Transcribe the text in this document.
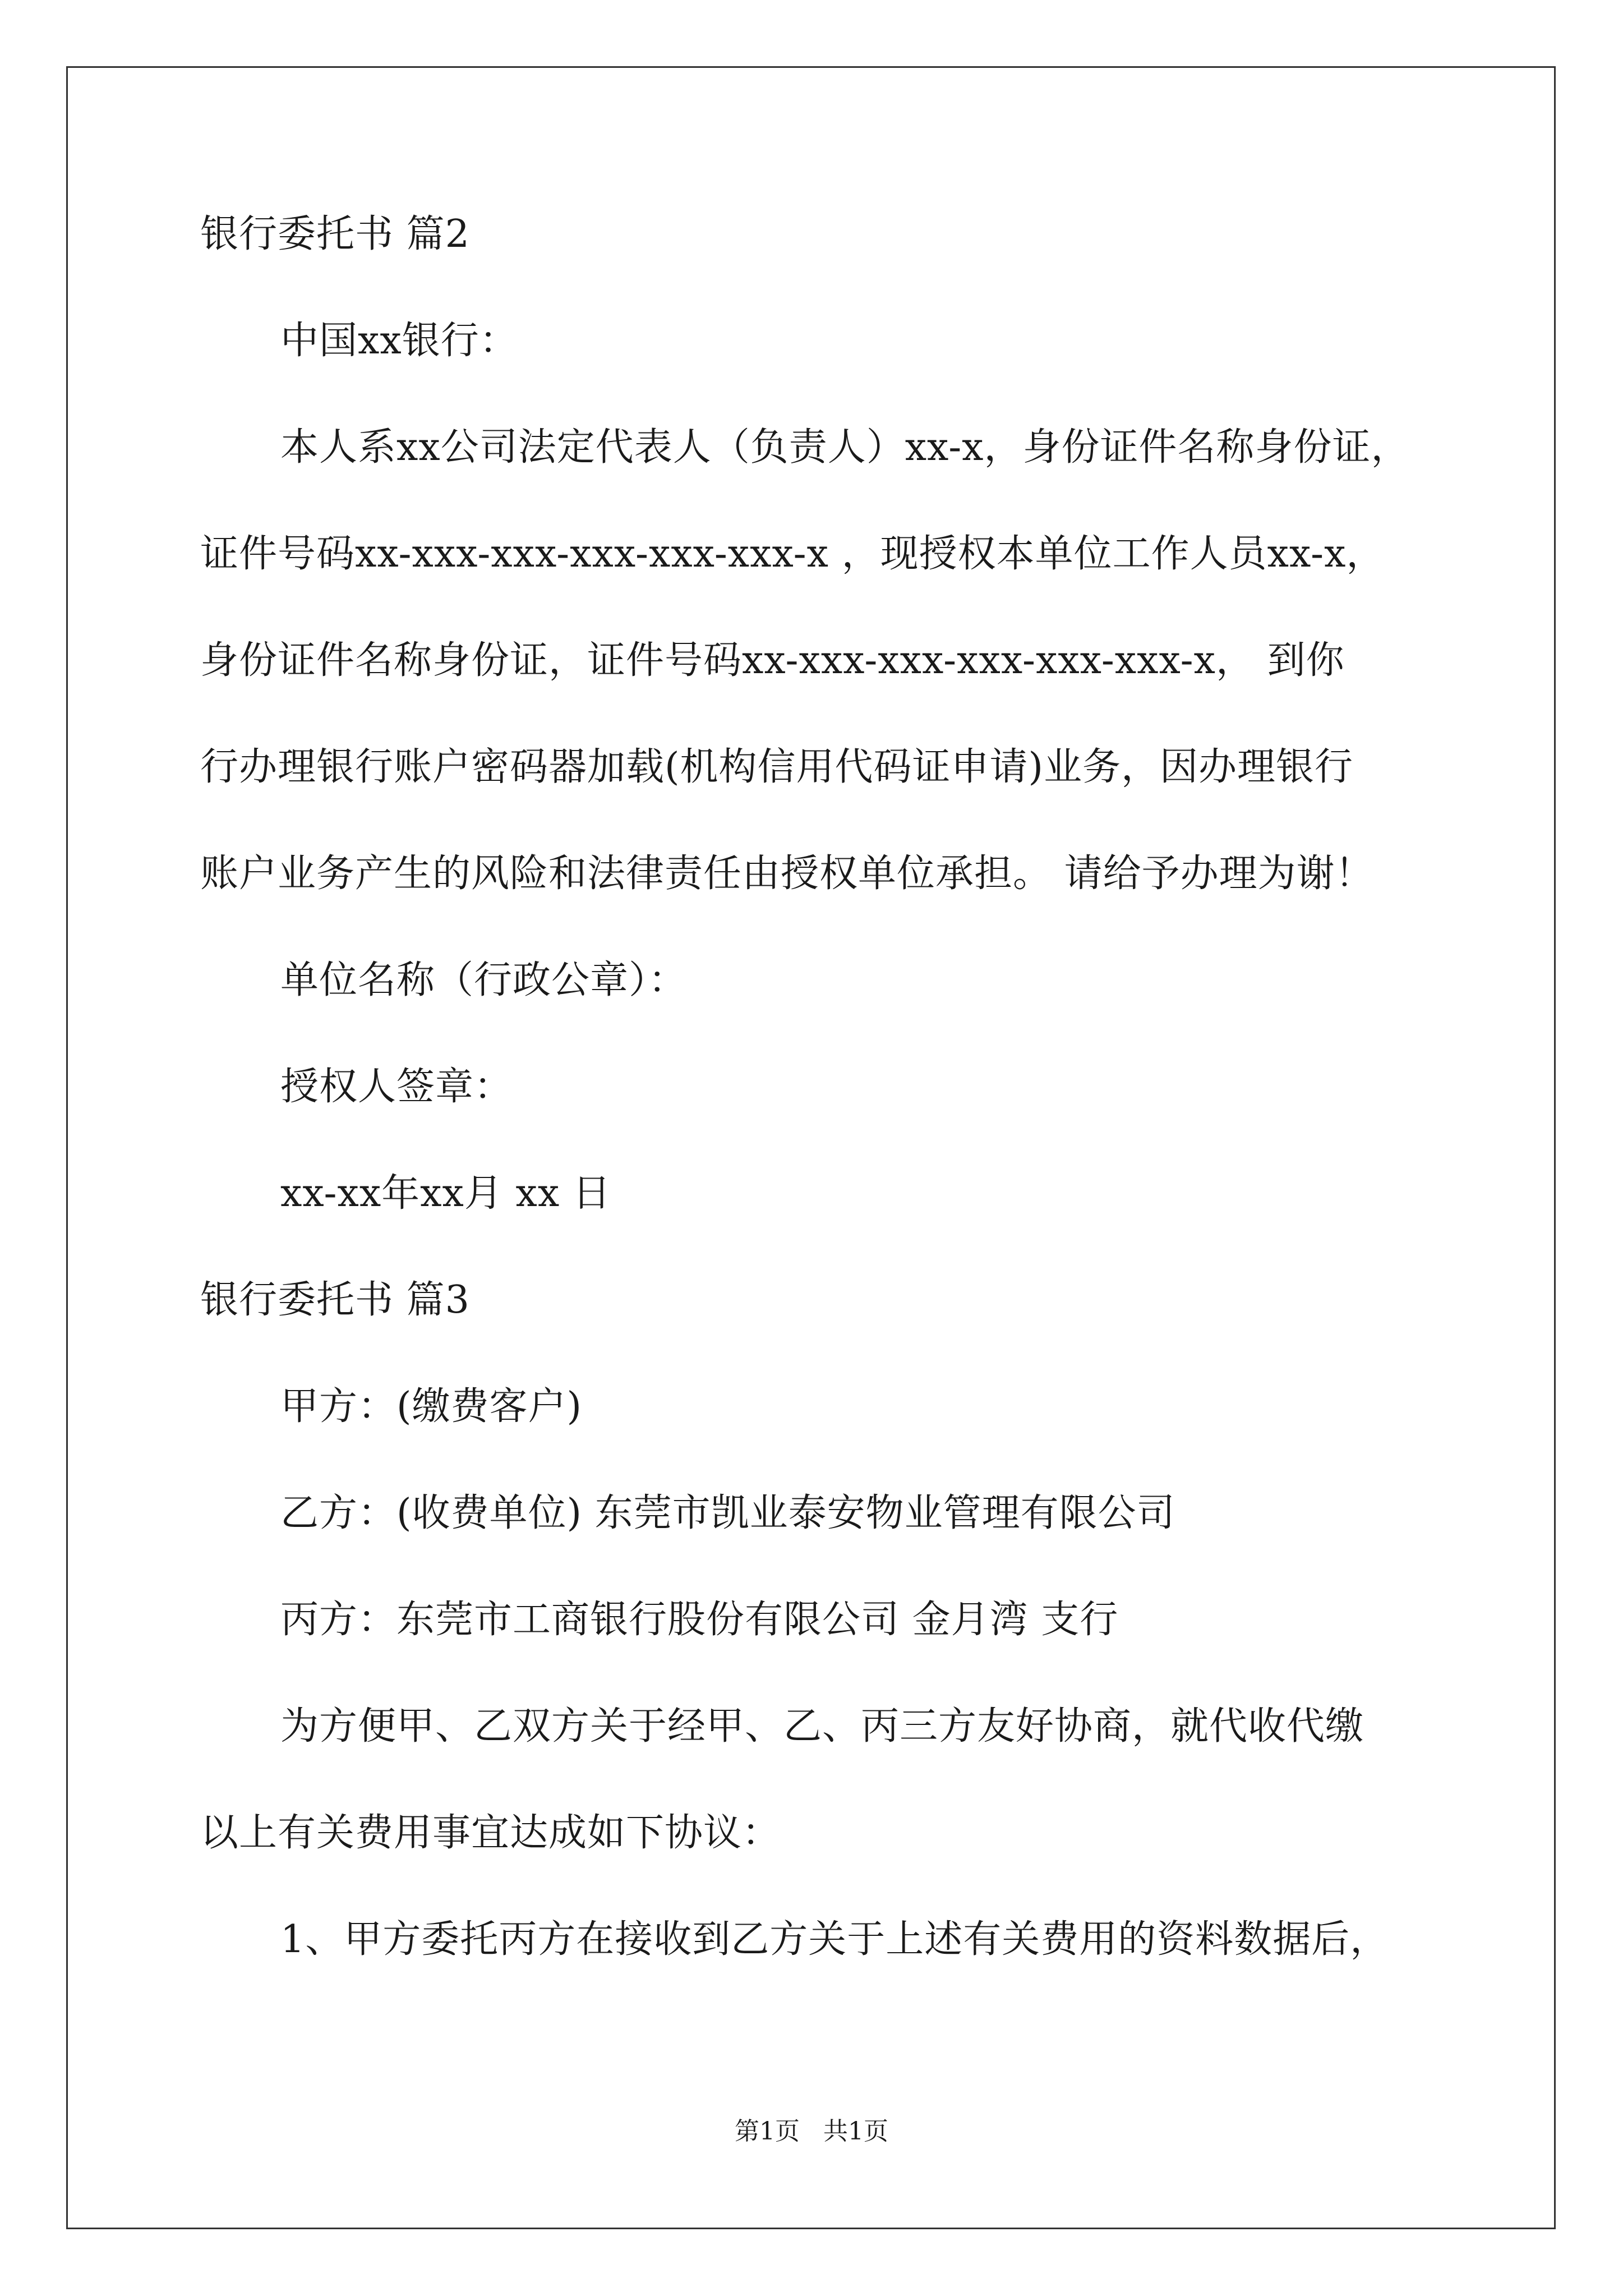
银行委托书 篇2
中国xx银行：
本人系xx公司法定代表人（负责人）xx-x，身份证件名称身份证，
证件号码xx-xxx-xxx-xxx-xxx-xxx-x ，现授权本单位工作人员xx-x，
身份证件名称身份证，证件号码xx-xxx-xxx-xxx-xxx-xxx-x， 到你
行办理银行账户密码器加载(机构信用代码证申请)业务，因办理银行
账户业务产生的风险和法律责任由授权单位承担。 请给予办理为谢！
单位名称（行政公章）：
授权人签章：
xx-xx年xx月 xx 日
银行委托书 篇3
甲方：(缴费客户)
乙方：(收费单位) 东莞市凯业泰安物业管理有限公司
丙方：东莞市工商银行股份有限公司 金月湾 支行
为方便甲、乙双方关于经甲、乙、丙三方友好协商，就代收代缴
以上有关费用事宜达成如下协议：
1、甲方委托丙方在接收到乙方关于上述有关费用的资料数据后，
第1页   共1页
